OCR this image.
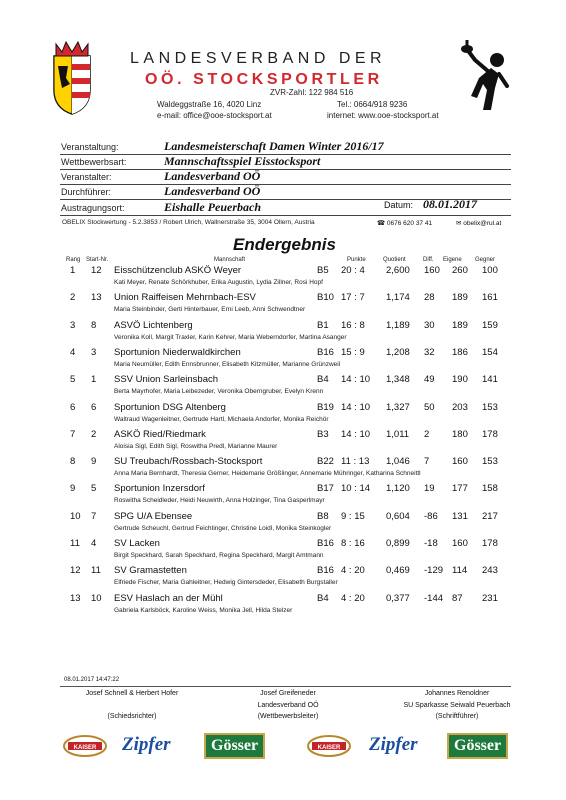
LANDESVERBAND DER
OÖ. STOCKSPORTLER
ZVR-Zahl: 122 984 516
Waldeggstraße 16, 4020 Linz	Tel.: 0664/918 9236
e-mail: office@ooe-stocksport.at	internet: www.ooe-stocksport.at
Veranstaltung:	Landesmeisterschaft Damen Winter 2016/17
Wettbewerbsart:	Mannschaftsspiel Eisstocksport
Veranstalter:	Landesverband OÖ
Durchführer:	Landesverband OÖ
Austragungsort:	Eishalle Peuerbach	Datum: 08.01.2017
OBELIX Stockwertung - 5.2.3853 / Robert Ulrich, Wallnerstraße 35, 3004 Ollern, Austria	☎ 0676 620 37 41	✉ obelix@rul.at
Endergebnis
Rang Start-Nr.	Mannschaft	Punkte	Quotient	Diff. Eigene Gegner
1 12 Eisschützenclub ASKÖ Weyer	B5 20 : 4 2,600 160 260 100
Kati Meyer, Renate Schörkhuber, Erika Augustin, Lydia Zillner, Rosi Hopf
2 13 Union Raiffeisen Mehrnbach-ESV	B10 17 : 7 1,174 28 189 161
Maria Steinbinder, Gerti Hinterbauer, Erni Leeb, Anni Schwendtner
3 8 ASVÖ Lichtenberg	B1 16 : 8 1,189 30 189 159
Veronika Koll, Margit Traxler, Karin Kehrer, Maria Weberndorfer, Martina Asanger
4 3 Sportunion Niederwaldkirchen	B16 15 : 9 1,208 32 186 154
Maria Neumüller, Edith Ennsbrunner, Elisabeth Kitzmüller, Marianne Grünzweil
5 1 SSV Union Sarleinsbach	B4 14 : 10 1,348 49 190 141
Berta Mayrhofer, Maria Leibezeder, Veronika Oberngruber, Evelyn Krenn
6 6 Sportunion DSG Altenberg	B19 14 : 10 1,327 50 203 153
Waltraud Wagenleitner, Gertrude Hartl, Michaela Andorfer, Monika Reichör
7 2 ASKÖ Ried/Riedmark	B3 14 : 10 1,011 2 180 178
Aloisia Sigl, Edith Sigl, Roswitha Predl, Marianne Maurer
8 9 SU Treubach/Rossbach-Stocksport	B22 11 : 13 1,046 7 160 153
Anna Maria Bernhardt, Theresia Gerner, Heidemarie Größlinger, Annemarie Mühringer, Katharina Schneittl
9 5 Sportunion Inzersdorf	B17 10 : 14 1,120 19 177 158
Roswitha Scheidleder, Heidi Neuwirth, Anna Holzinger, Tina Gasperlmayr
10 7 SPG U/A Ebensee	B8 9 : 15 0,604 -86 131 217
Gertrude Scheuchl, Gertrud Feichtinger, Christine Loidl, Monika Steinkogler
11 4 SV Lacken	B16 8 : 16 0,899 -18 160 178
Birgit Speckhard, Sarah Speckhard, Regina Speckhard, Margit Amtmann
12 11 SV Gramastetten	B16 4 : 20 0,469 -129 114 243
Elfriede Fischer, Maria Gahleitner, Hedwig Gintersdeder, Elisabeth Burgstaller
13 10 ESV Haslach an der Mühl	B4 4 : 20 0,377 -144 87 231
Gabriela Karlsböck, Karoline Weiss, Monika Jell, Hilda Stelzer
08.01.2017 14:47:22
Josef Schnell & Herbert Hofer
(Schiedsrichter)
Josef Greifeneder
Landesverband OÖ
(Wettbewerbsleiter)
Johannes Renoldner
SU Sparkasse Seiwald Peuerbach
(Schriftführer)
KAISER Zipfer	Gösser	KAISER Zipfer	Gösser
